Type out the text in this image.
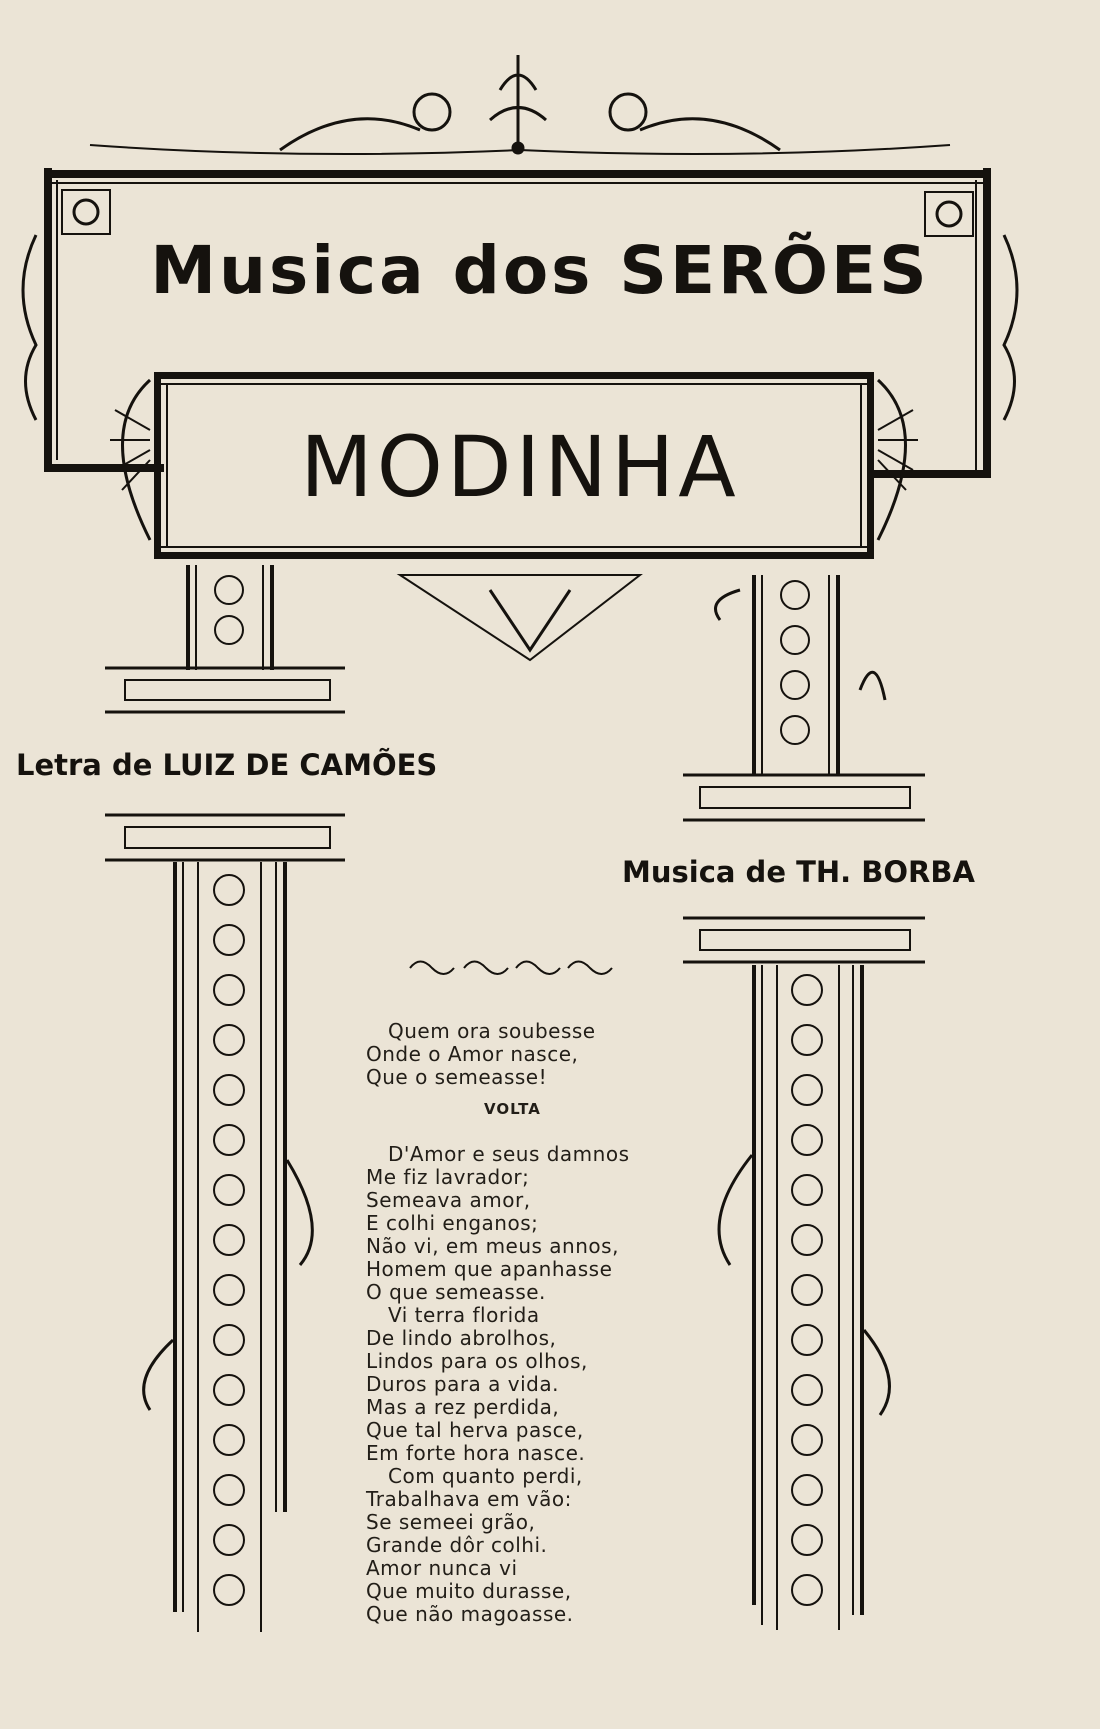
Musica dos SERÕES
MODINHA
Letra de LUIZ DE CAMÕES
Musica de TH. BORBA
Quem ora soubesse
Onde o Amor nasce,
Que o semeasse!
VOLTA
D'Amor e seus damnos
Me fiz lavrador;
Semeava amor,
E colhi enganos;
Não vi, em meus annos,
Homem que apanhasse
O que semeasse.
Vi terra florida
De lindo abrolhos,
Lindos para os olhos,
Duros para a vida.
Mas a rez perdida,
Que tal herva pasce,
Em forte hora nasce.
Com quanto perdi,
Trabalhava em vão:
Se semeei grão,
Grande dôr colhi.
Amor nunca vi
Que muito durasse,
Que não magoasse.
